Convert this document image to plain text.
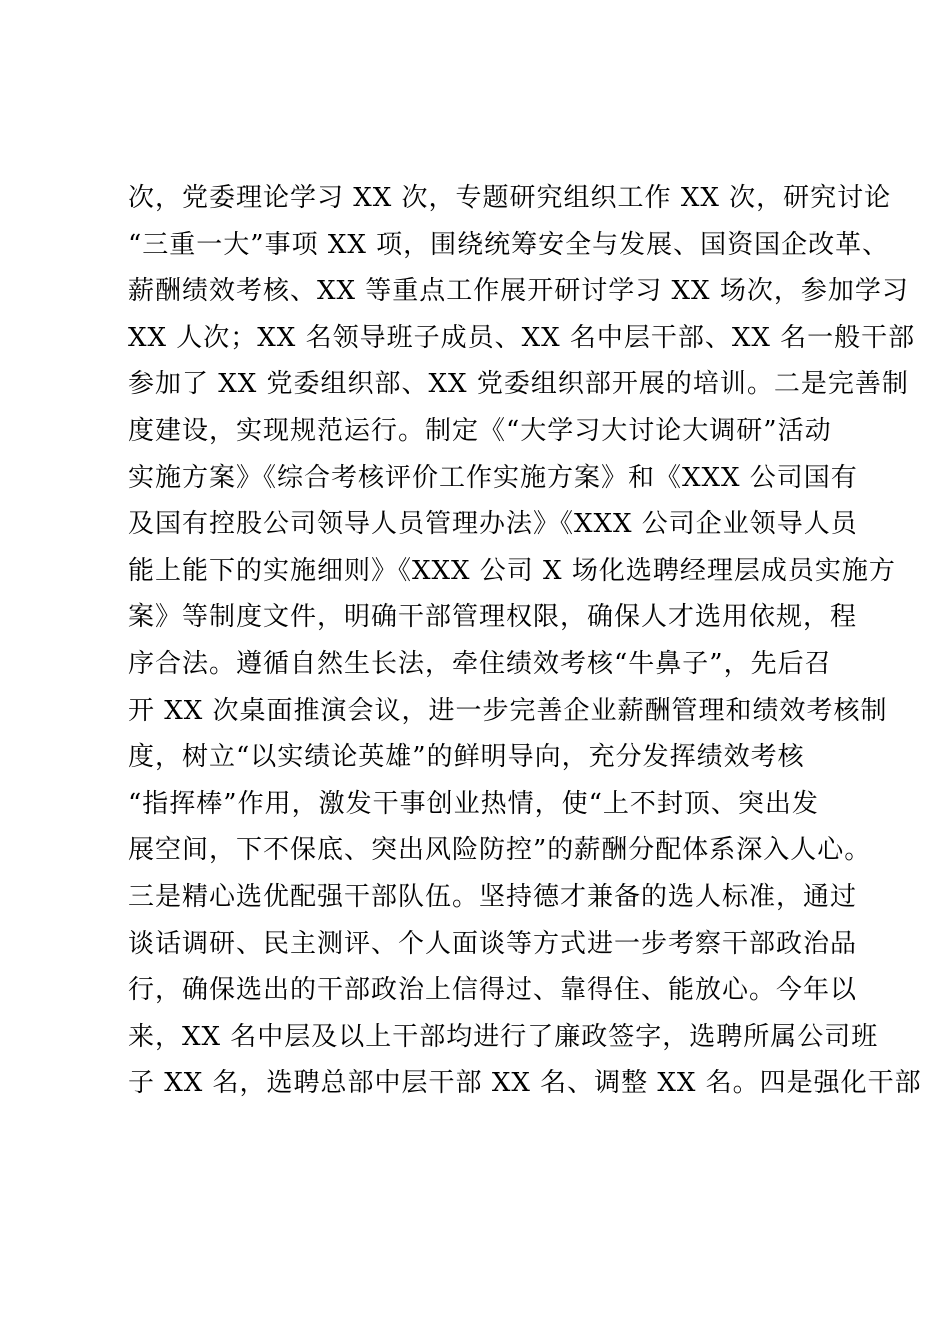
次，党委理论学习 XX 次，专题研究组织工作 XX 次，研究讨论
“三重一大”事项 XX 项，围绕统筹安全与发展、国资国企改革、
薪酬绩效考核、XX 等重点工作展开研讨学习 XX 场次，参加学习
XX 人次；XX 名领导班子成员、XX 名中层干部、XX 名一般干部
参加了 XX 党委组织部、XX 党委组织部开展的培训。二是完善制
度建设，实现规范运行。制定《“大学习大讨论大调研”活动
实施方案》《综合考核评价工作实施方案》和《XXX 公司国有
及国有控股公司领导人员管理办法》《XXX 公司企业领导人员
能上能下的实施细则》《XXX 公司 X 场化选聘经理层成员实施方
案》等制度文件，明确干部管理权限，确保人才选用依规，程
序合法。遵循自然生长法，牵住绩效考核“牛鼻子”，先后召
开 XX 次桌面推演会议，进一步完善企业薪酬管理和绩效考核制
度，树立“以实绩论英雄”的鲜明导向，充分发挥绩效考核
“指挥棒”作用，激发干事创业热情，使“上不封顶、突出发
展空间，下不保底、突出风险防控”的薪酬分配体系深入人心。
三是精心选优配强干部队伍。坚持德才兼备的选人标准，通过
谈话调研、民主测评、个人面谈等方式进一步考察干部政治品
行，确保选出的干部政治上信得过、靠得住、能放心。今年以
来，XX 名中层及以上干部均进行了廉政签字，选聘所属公司班
子 XX 名，选聘总部中层干部 XX 名、调整 XX 名。四是强化干部
